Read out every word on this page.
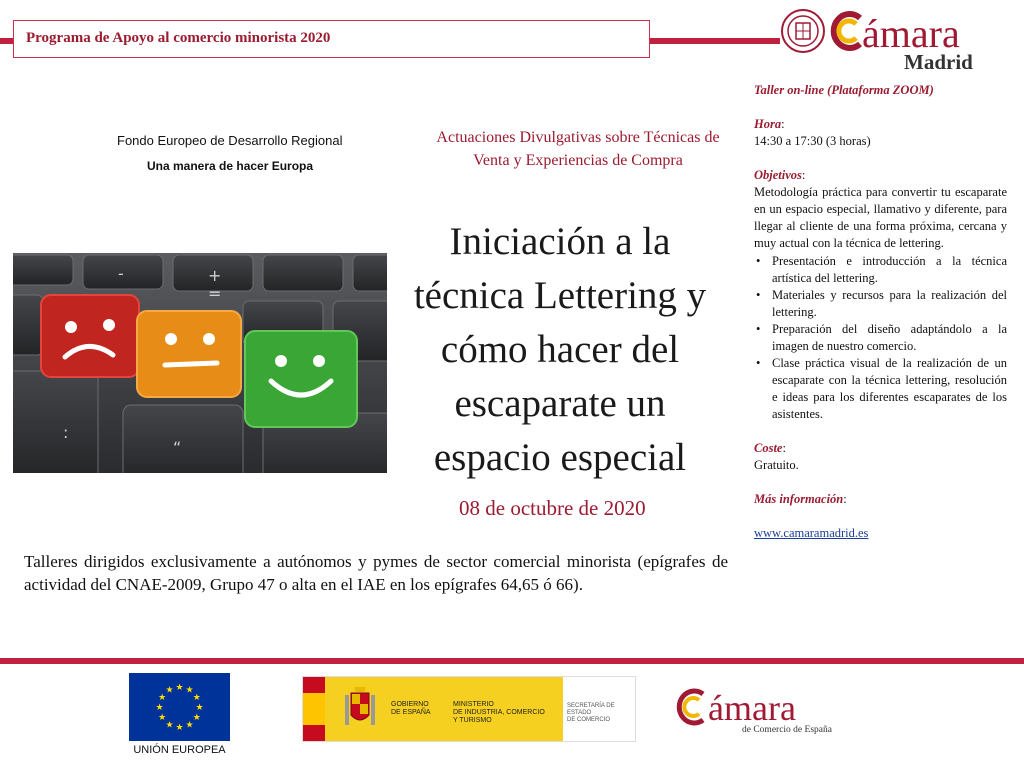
Programa de Apoyo al comercio minorista 2020	ámara
Madrid
Fondo Europeo de Desarrollo Regional
Una manera de hacer Europa
-	+
=
:
“
Actuaciones Divulgativas sobre Técnicas de Venta y Experiencias de Compra
Iniciación a la técnica Lettering y cómo hacer del escaparate un espacio especial
08 de octubre de 2020
Talleres dirigidos exclusivamente a autónomos y pymes de sector comercial minorista (epígrafes de actividad del CNAE-2009, Grupo 47 o alta en el IAE en los epígrafes 64,65 ó 66).
Taller on-line (Plataforma ZOOM)
Hora:
14:30 a 17:30 (3 horas)
Objetivos:

Metodología práctica para convertir tu escaparate en un espacio especial, llamativo y diferente, para llegar al cliente de una forma próxima, cercana y muy actual con la técnica de lettering.

• Presentación e introducción a la técnica artística del lettering.
• Materiales y recursos para la realización del lettering.
• Preparación del diseño adaptándolo a la imagen de nuestro comercio.
• Clase práctica visual de la realización de un escaparate con la técnica lettering, resolución e ideas para los diferentes escaparates de los asistentes.
Coste:
Gratuito.
Más información:
www.camaramadrid.es
★ ★
★
★
★
★
★
★
★
★
★
★
UNIÓN EUROPEA
GOBIERNO
DE ESPAÑA
MINISTERIO
DE INDUSTRIA, COMERCIO
Y TURISMO
SECRETARÍA DE ESTADO
DE COMERCIO	ámara
de Comercio de España
